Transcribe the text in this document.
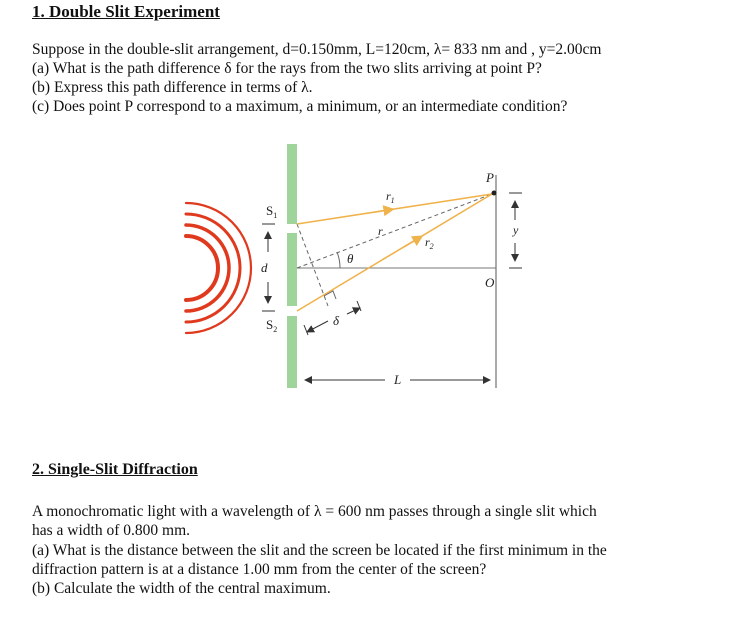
1. Double Slit Experiment
Suppose in the double-slit arrangement, d=0.150mm, L=120cm, λ= 833 nm and , y=2.00cm
(a) What is the path difference δ for the rays from the two slits arriving at point P?
(b) Express this path difference in terms of λ.
(c) Does point P correspond to a maximum, a minimum, or an intermediate condition?
$S_1$
$S_2$
d
$r_1$
r
$r_2$
θ
δ
L
P
O
y
2. Single-Slit Diffraction
A monochromatic light with a wavelength of λ = 600 nm passes through a single slit which
has a width of 0.800 mm.
(a) What is the distance between the slit and the screen be located if the first minimum in the
diffraction pattern is at a distance 1.00 mm from the center of the screen?
(b) Calculate the width of the central maximum.
